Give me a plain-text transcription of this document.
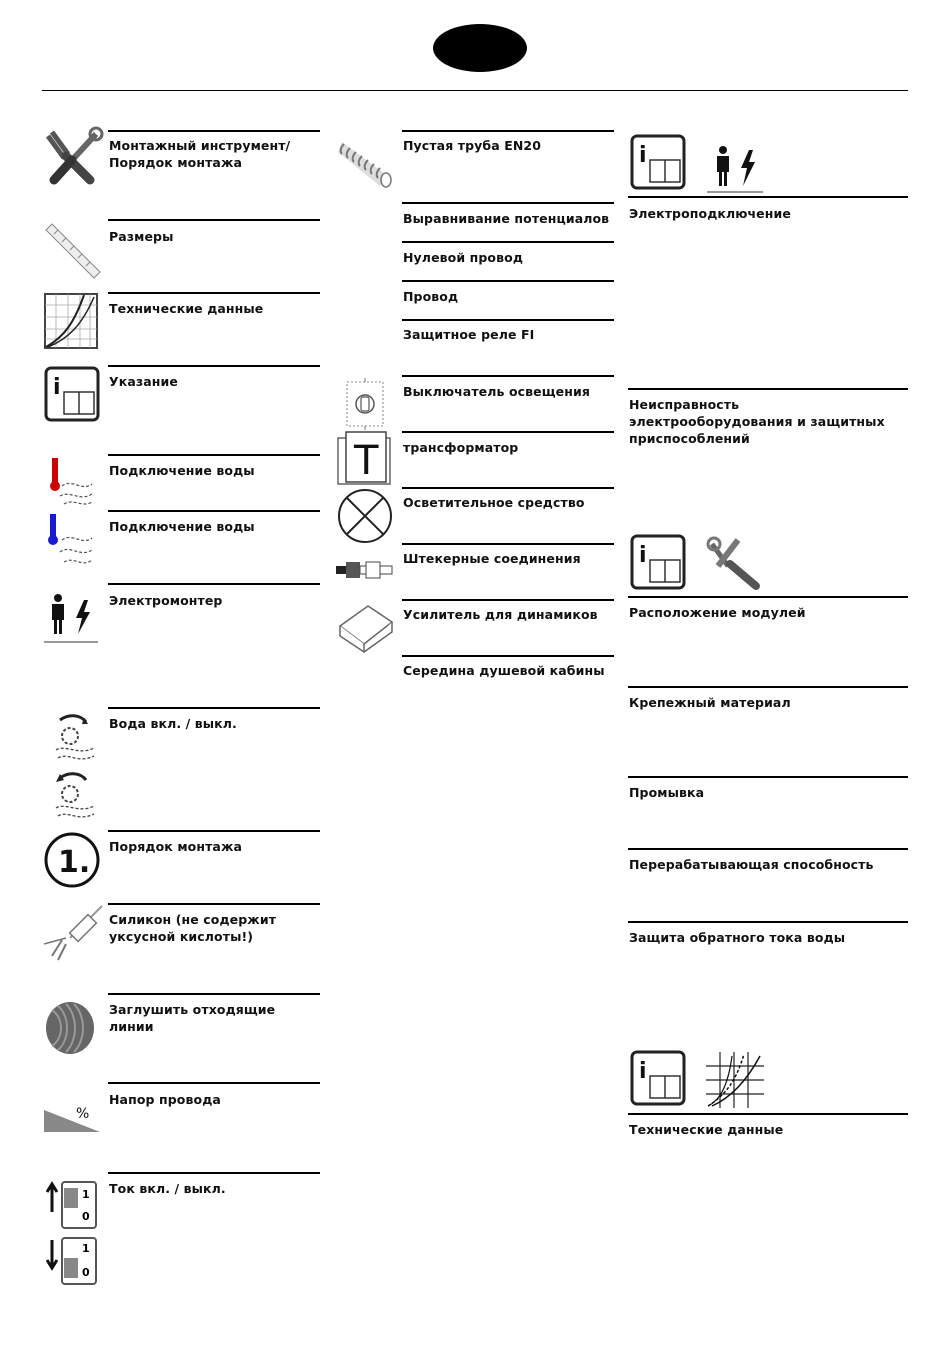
Монтажный инструмент/
Порядок монтажа
Размеры
Технические данные
Указание
i
Подключение воды
Подключение воды
Электромонтер
Вода вкл. / выкл.
Порядок монтажа
1.
Силикон (не содержит
уксусной кислоты!)
Заглушить отходящие
линии
Напор провода
%
Ток вкл. / выкл.
1
0
1
0
Пустая труба EN20
Выравнивание потенциалов
Нулевой провод
Провод
Защитное реле FI
Выключатель освещения
трансформатор
T
Осветительное средство
Штекерные соединения
Усилитель для динамиков
Середина душевой кабины
i
Электроподключение
Неисправность
электрооборудования и защитных
приспособлений
i
Расположение модулей
Крепежный материал
Промывка
Перерабатывающая способность
Защита обратного тока воды
i
Технические данные
